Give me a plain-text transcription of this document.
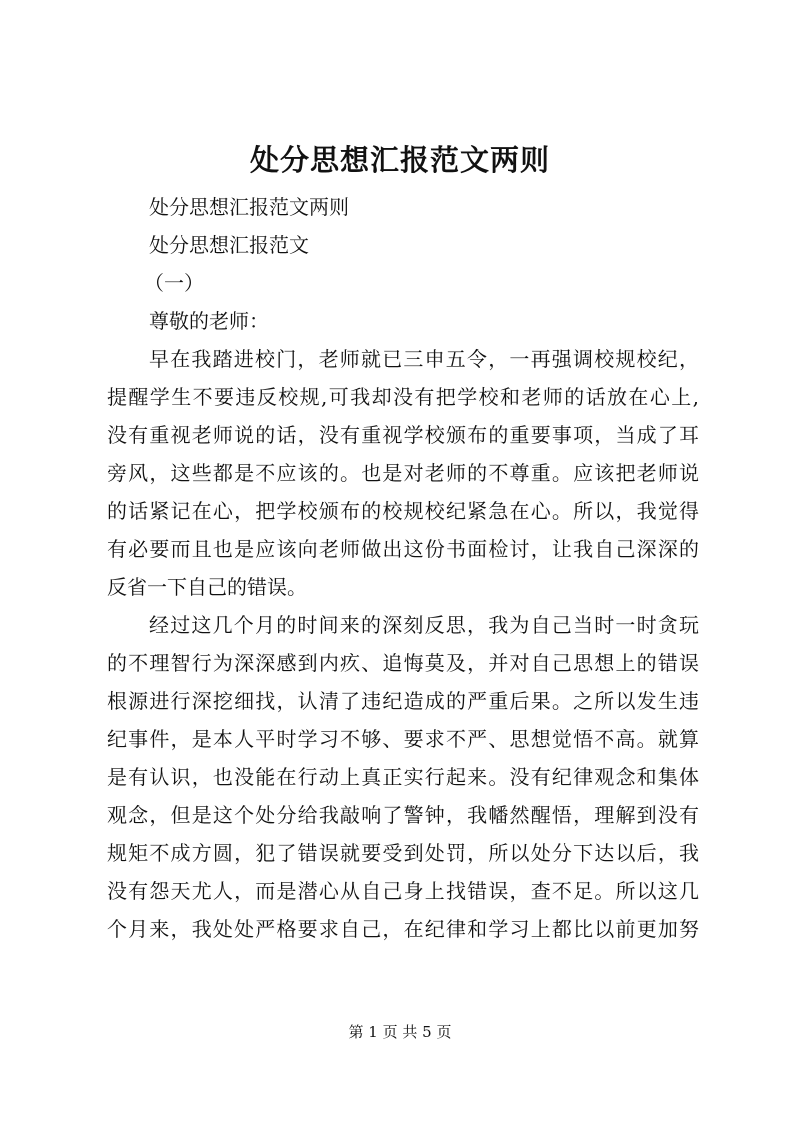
处分思想汇报范文两则

处分思想汇报范文两则

处分思想汇报范文

（一）

尊敬的老师：

早在我踏进校门，老师就已三申五令，一再强调校规校纪，

提醒学生不要违反校规,可我却没有把学校和老师的话放在心上,

没有重视老师说的话，没有重视学校颁布的重要事项，当成了耳

旁风，这些都是不应该的。也是对老师的不尊重。应该把老师说

的话紧记在心，把学校颁布的校规校纪紧急在心。所以，我觉得

有必要而且也是应该向老师做出这份书面检讨，让我自己深深的

反省一下自己的错误。

经过这几个月的时间来的深刻反思，我为自己当时一时贪玩

的不理智行为深深感到内疚、追悔莫及，并对自己思想上的错误

根源进行深挖细找，认清了违纪造成的严重后果。之所以发生违

纪事件，是本人平时学习不够、要求不严、思想觉悟不高。就算

是有认识，也没能在行动上真正实行起来。没有纪律观念和集体

观念，但是这个处分给我敲响了警钟，我幡然醒悟，理解到没有

规矩不成方圆，犯了错误就要受到处罚，所以处分下达以后，我

没有怨天尤人，而是潜心从自己身上找错误，查不足。所以这几

个月来，我处处严格要求自己，在纪律和学习上都比以前更加努

第 1 页 共 5 页
